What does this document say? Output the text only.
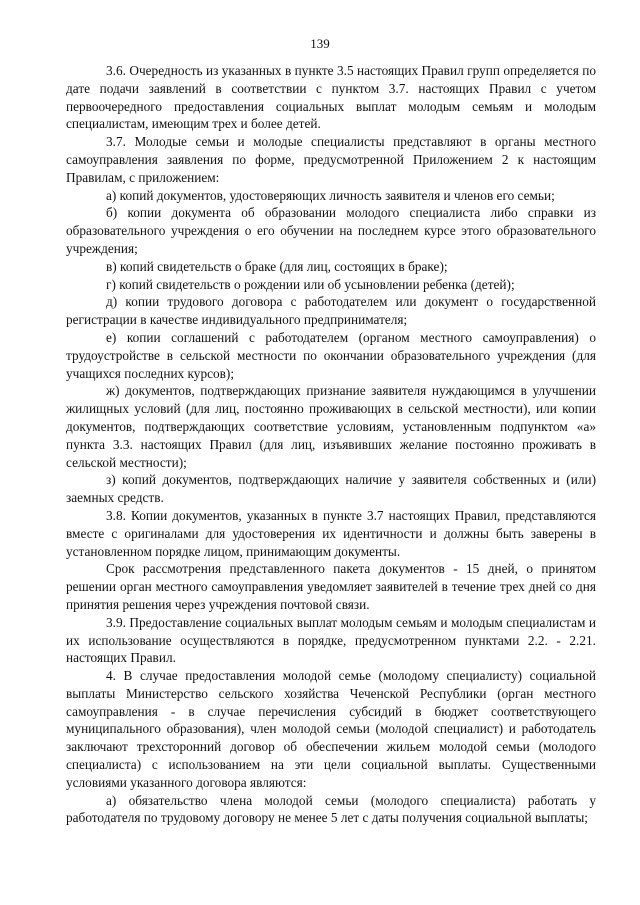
139

3.6. Очередность из указанных в пункте 3.5 настоящих Правил групп определяется по дате подачи заявлений в соответствии с пунктом 3.7. настоящих Правил с учетом первоочередного предоставления социальных выплат молодым семьям и молодым специалистам, имеющим трех и более детей.

3.7. Молодые семьи и молодые специалисты представляют в органы местного самоуправления заявления по форме, предусмотренной Приложением 2 к настоящим Правилам, с приложением:

а) копий документов, удостоверяющих личность заявителя и членов его семьи;

б) копии документа об образовании молодого специалиста либо справки из образовательного учреждения о его обучении на последнем курсе этого образовательного учреждения;

в) копий свидетельств о браке (для лиц, состоящих в браке);

г) копий свидетельств о рождении или об усыновлении ребенка (детей);

д) копии трудового договора с работодателем или документ о государственной регистрации в качестве индивидуального предпринимателя;

е) копии соглашений с работодателем (органом местного самоуправления) о трудоустройстве в сельской местности по окончании образовательного учреждения (для учащихся последних курсов);

ж) документов, подтверждающих признание заявителя нуждающимся в улучшении жилищных условий (для лиц, постоянно проживающих в сельской местности), или копии документов, подтверждающих соответствие условиям, установленным подпунктом «а» пункта 3.3. настоящих Правил (для лиц, изъявивших желание постоянно проживать в сельской местности);

з) копий документов, подтверждающих наличие у заявителя собственных и (или) заемных средств.

3.8. Копии документов, указанных в пункте 3.7 настоящих Правил, представляются вместе с оригиналами для удостоверения их идентичности и должны быть заверены в установленном порядке лицом, принимающим документы.

Срок рассмотрения представленного пакета документов - 15 дней, о принятом решении орган местного самоуправления уведомляет заявителей в течение трех дней со дня принятия решения через учреждения почтовой связи.

3.9. Предоставление социальных выплат молодым семьям и молодым специалистам и их использование осуществляются в порядке, предусмотренном пунктами 2.2. - 2.21. настоящих Правил.

4. В случае предоставления молодой семье (молодому специалисту) социальной выплаты Министерство сельского хозяйства Чеченской Республики (орган местного самоуправления - в случае перечисления субсидий в бюджет соответствующего муниципального образования), член молодой семьи (молодой специалист) и работодатель заключают трехсторонний договор об обеспечении жильем молодой семьи (молодого специалиста) с использованием на эти цели социальной выплаты. Существенными условиями указанного договора являются:

а) обязательство члена молодой семьи (молодого специалиста) работать у работодателя по трудовому договору не менее 5 лет с даты получения социальной выплаты;
